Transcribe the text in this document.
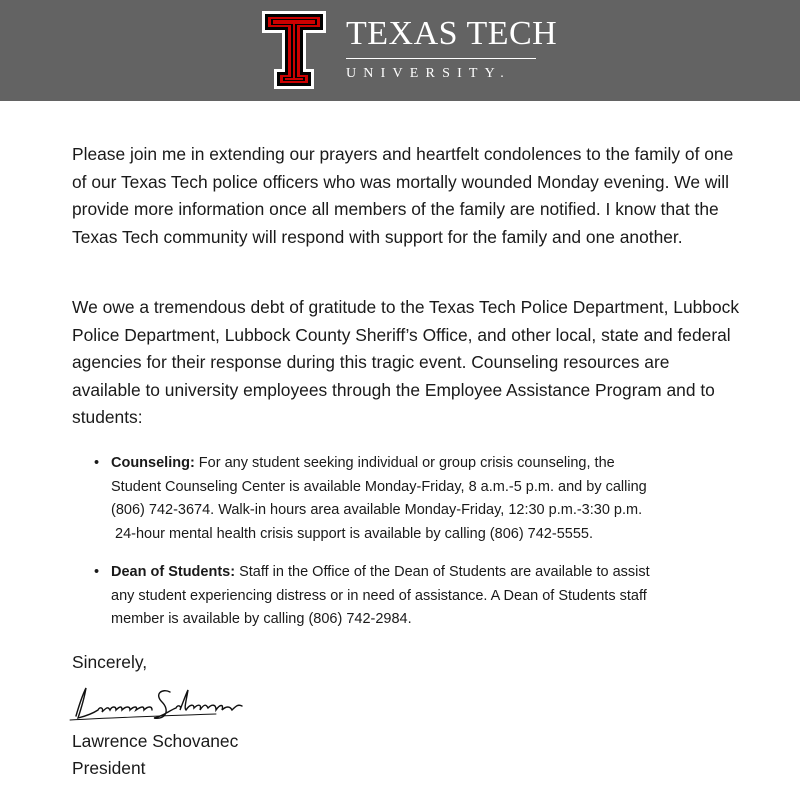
TEXAS TECH
UNIVERSITY.

Please join me in extending our prayers and heartfelt condolences to the family of one of our Texas Tech police officers who was mortally wounded Monday evening. We will provide more information once all members of the family are notified. I know that the Texas Tech community will respond with support for the family and one another.

We owe a tremendous debt of gratitude to the Texas Tech Police Department, Lubbock Police Department, Lubbock County Sheriff’s Office, and other local, state and federal agencies for their response during this tragic event. Counseling resources are available to university employees through the Employee Assistance Program and to students:

• Counseling: For any student seeking individual or group crisis counseling, the
Student Counseling Center is available Monday-Friday, 8 a.m.-5 p.m. and by calling
(806) 742-3674. Walk-in hours area available Monday-Friday, 12:30 p.m.-3:30 p.m.
24-hour mental health crisis support is available by calling (806) 742-5555.
• Dean of Students: Staff in the Office of the Dean of Students are available to assist
any student experiencing distress or in need of assistance. A Dean of Students staff
member is available by calling (806) 742-2984.
Sincerely,
Lawrence Schovanec
President
